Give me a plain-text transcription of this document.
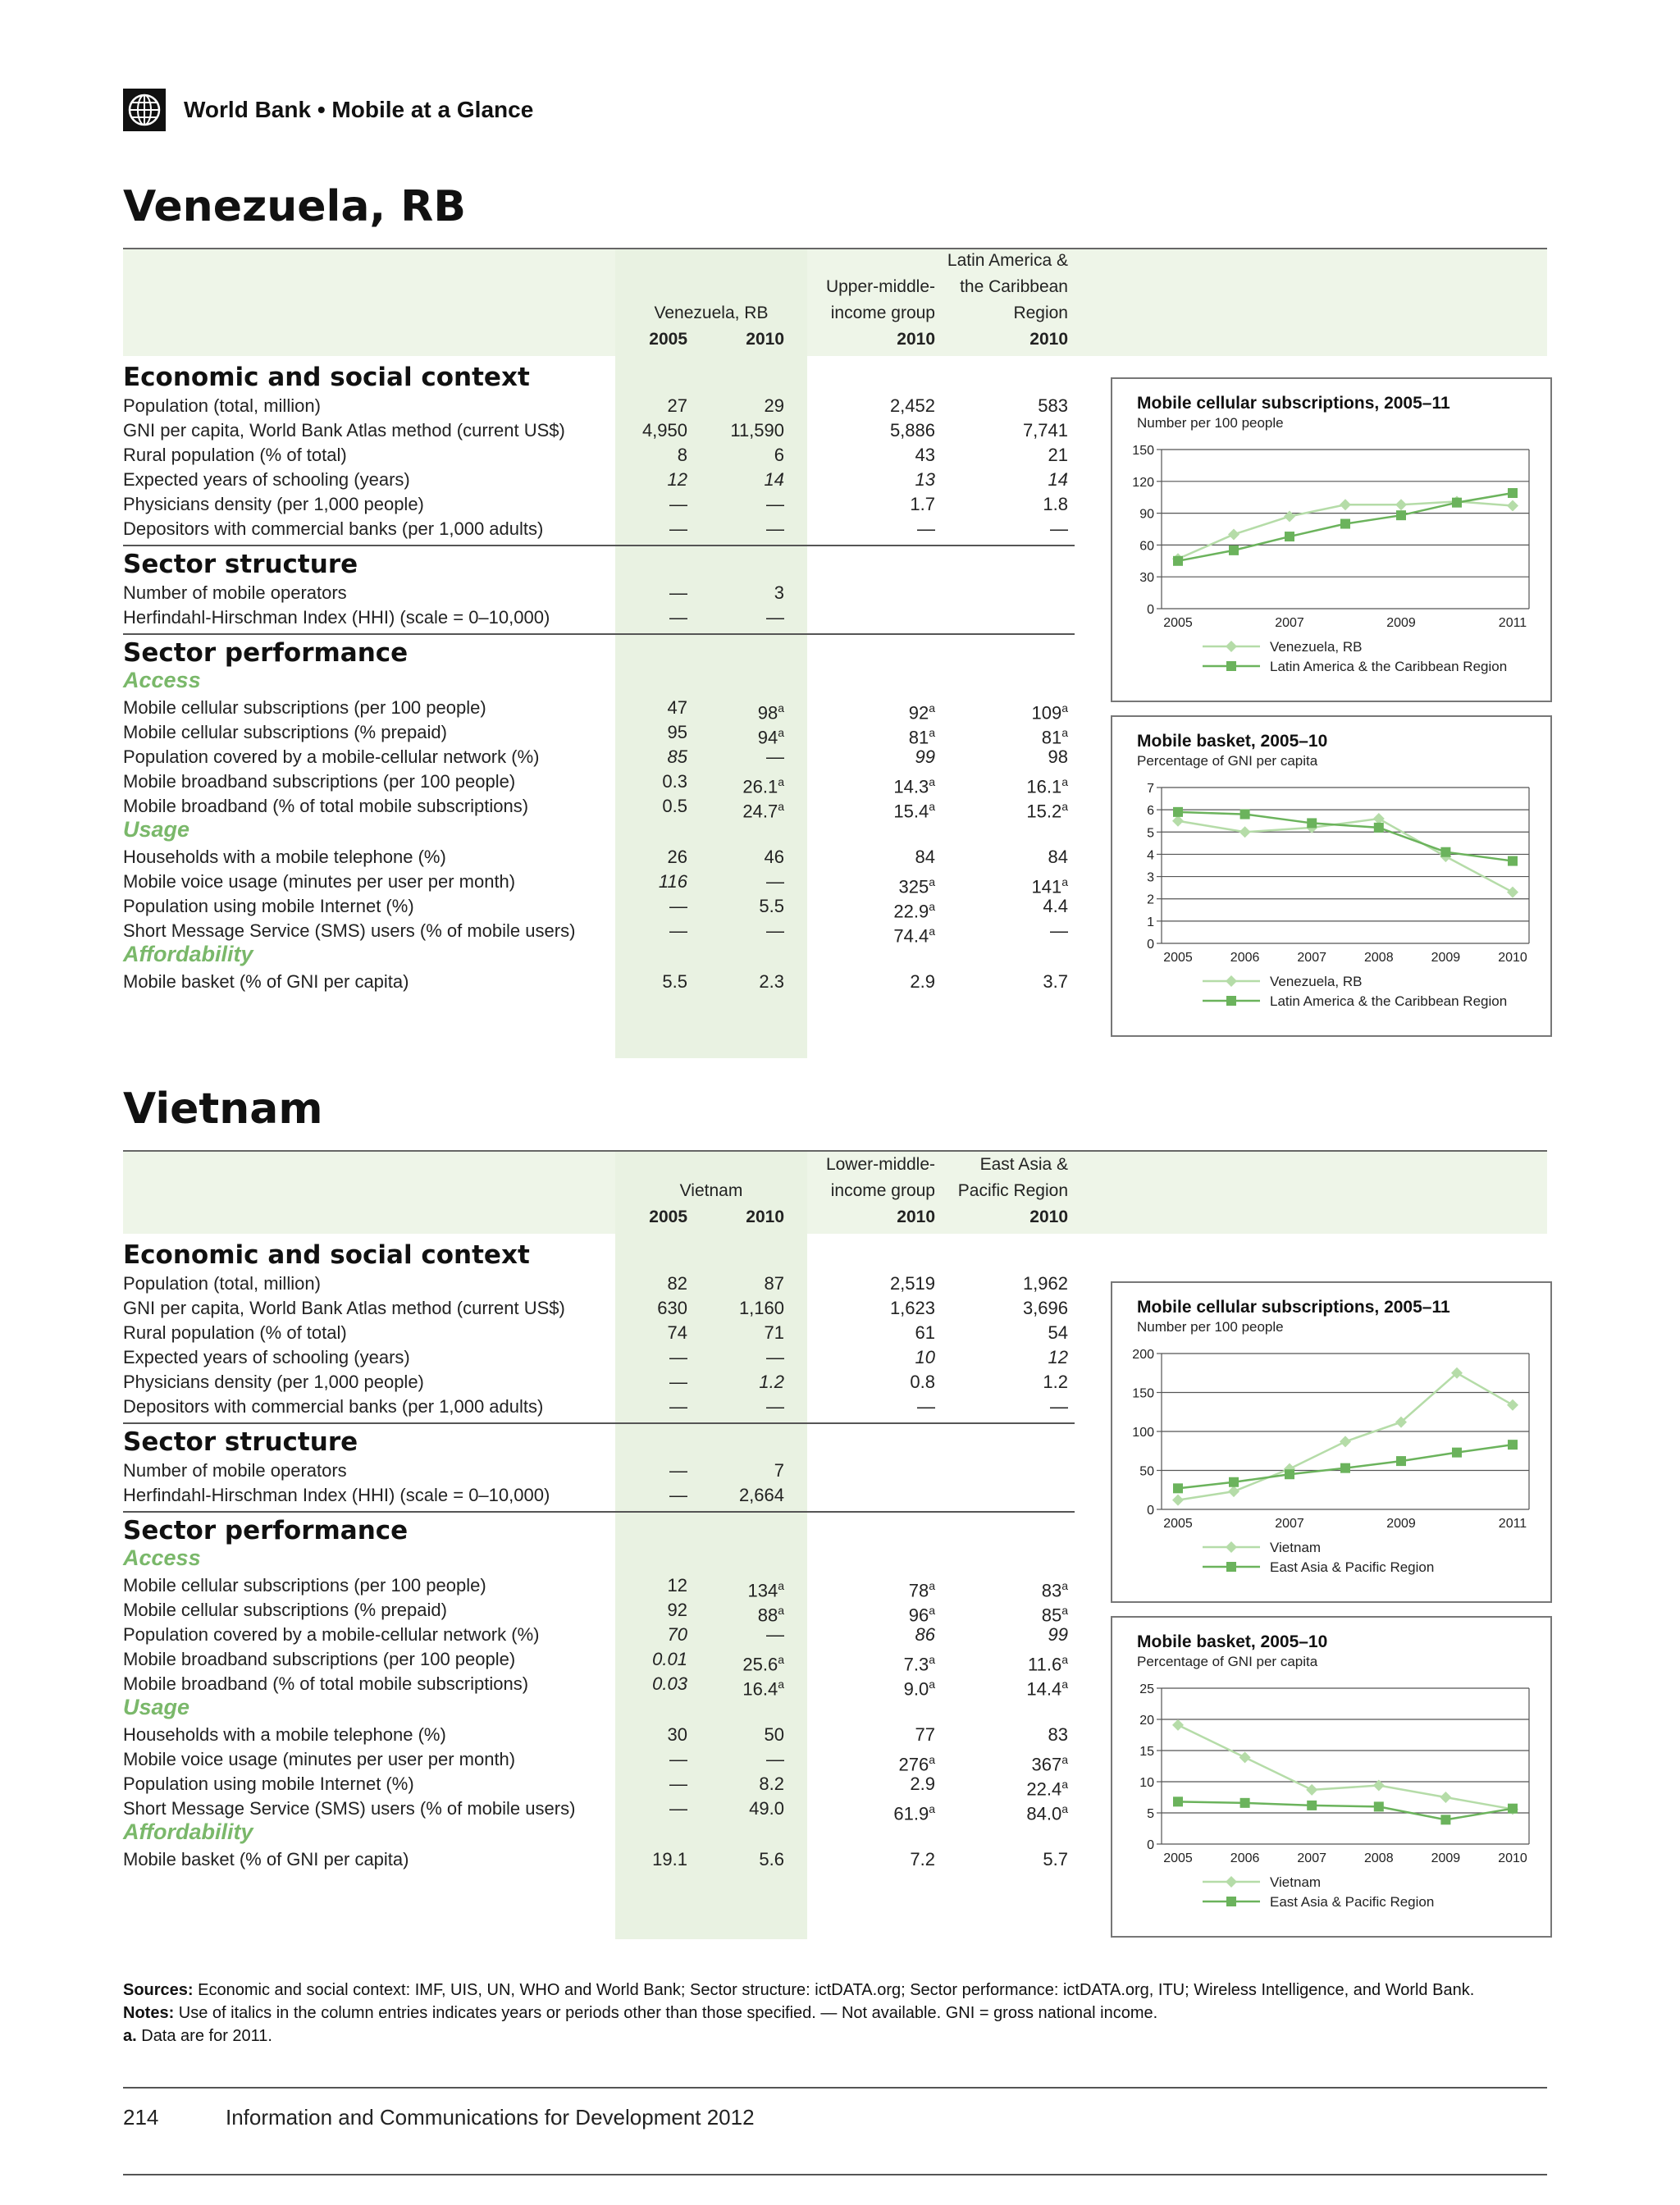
World Bank • Mobile at a Glance
Venezuela, RB
Venezuela, RB
2005	2010
Upper-middle-
income group
2010
Latin America &
the Caribbean
Region
2010
Economic and social context
Population (total, million)	27	29	2,452	583
GNI per capita, World Bank Atlas method (current US$)	4,950 11,590	5,886	7,741
Rural population (% of total)	8	6	43	21
Expected years of schooling (years)	12	14	13	14
Physicians density (per 1,000 people)	—	—	1.7	1.8
Depositors with commercial banks (per 1,000 adults)	—	—	—	—
Sector structure
Number of mobile operators	—	3
Herfindahl-Hirschman Index (HHI) (scale = 0–10,000)	—	—
Sector performance
Access
Mobile cellular subscriptions (per 100 people)	47	98$^a$	92$^a$	109$^a$
Mobile cellular subscriptions (% prepaid)	95	94$^a$	81$^a$	81$^a$
Population covered by a mobile-cellular network (%)	85	—	99	98
Mobile broadband subscriptions (per 100 people)	0.3	26.1$^a$	14.3$^a$	16.1$^a$
Mobile broadband (% of total mobile subscriptions)	0.5	24.7$^a$	15.4$^a$	15.2$^a$
Usage
Households with a mobile telephone (%)	26	46	84	84
Mobile voice usage (minutes per user per month)	116	—	325$^a$	141$^a$
Population using mobile Internet (%)	—	5.5	22.9$^a$	4.4
Short Message Service (SMS) users (% of mobile users)	—	—	74.4$^a$	—
Affordability
Mobile basket (% of GNI per capita)	5.5	2.3	2.9	3.7
Mobile cellular subscriptions, 2005–11
Number per 100 people
0
30
60
90
120
150
2005	2007	2009	2011
Venezuela, RB
Latin America & the Caribbean Region
Mobile basket, 2005–10
Percentage of GNI per capita
0
1
2
3
4
5
6
7
2005	2006	2007	2008	2009	2010
Venezuela, RB
Latin America & the Caribbean Region
Vietnam
Vietnam
2005	2010
Lower-middle-
income group
2010
East Asia &
Pacific Region
2010
Economic and social context
Population (total, million)	82	87	2,519	1,962
GNI per capita, World Bank Atlas method (current US$)	630	1,160	1,623	3,696
Rural population (% of total)	74	71	61	54
Expected years of schooling (years)	—	—	10	12
Physicians density (per 1,000 people)	—	1.2	0.8	1.2
Depositors with commercial banks (per 1,000 adults)	—	—	—	—
Sector structure
Number of mobile operators	—	7
Herfindahl-Hirschman Index (HHI) (scale = 0–10,000)	—	2,664
Sector performance
Access
Mobile cellular subscriptions (per 100 people)	12	134$^a$	78$^a$	83$^a$
Mobile cellular subscriptions (% prepaid)	92	88$^a$	96$^a$	85$^a$
Population covered by a mobile-cellular network (%)	70	—	86	99
Mobile broadband subscriptions (per 100 people)	0.01	25.6$^a$	7.3$^a$	11.6$^a$
Mobile broadband (% of total mobile subscriptions)	0.03	16.4$^a$	9.0$^a$	14.4$^a$
Usage
Households with a mobile telephone (%)	30	50	77	83
Mobile voice usage (minutes per user per month)	—	—	276$^a$	367$^a$
Population using mobile Internet (%)	—	8.2	2.9	22.4$^a$
Short Message Service (SMS) users (% of mobile users)	—	49.0	61.9$^a$	84.0$^a$
Affordability
Mobile basket (% of GNI per capita)	19.1	5.6	7.2	5.7
Mobile cellular subscriptions, 2005–11
Number per 100 people
0
50
100
150
200
2005	2007	2009	2011
Vietnam
East Asia & Pacific Region
Mobile basket, 2005–10
Percentage of GNI per capita
0
5
10
15
20
25
2005	2006	2007	2008	2009	2010
Vietnam
East Asia & Pacific Region
Sources: Economic and social context: IMF, UIS, UN, WHO and World Bank; Sector structure: ictDATA.org; Sector performance: ictDATA.org, ITU; Wireless Intelligence, and World Bank.
Notes: Use of italics in the column entries indicates years or periods other than those specified. — Not available. GNI = gross national income.
a. Data are for 2011.
214	Information and Communications for Development 2012
